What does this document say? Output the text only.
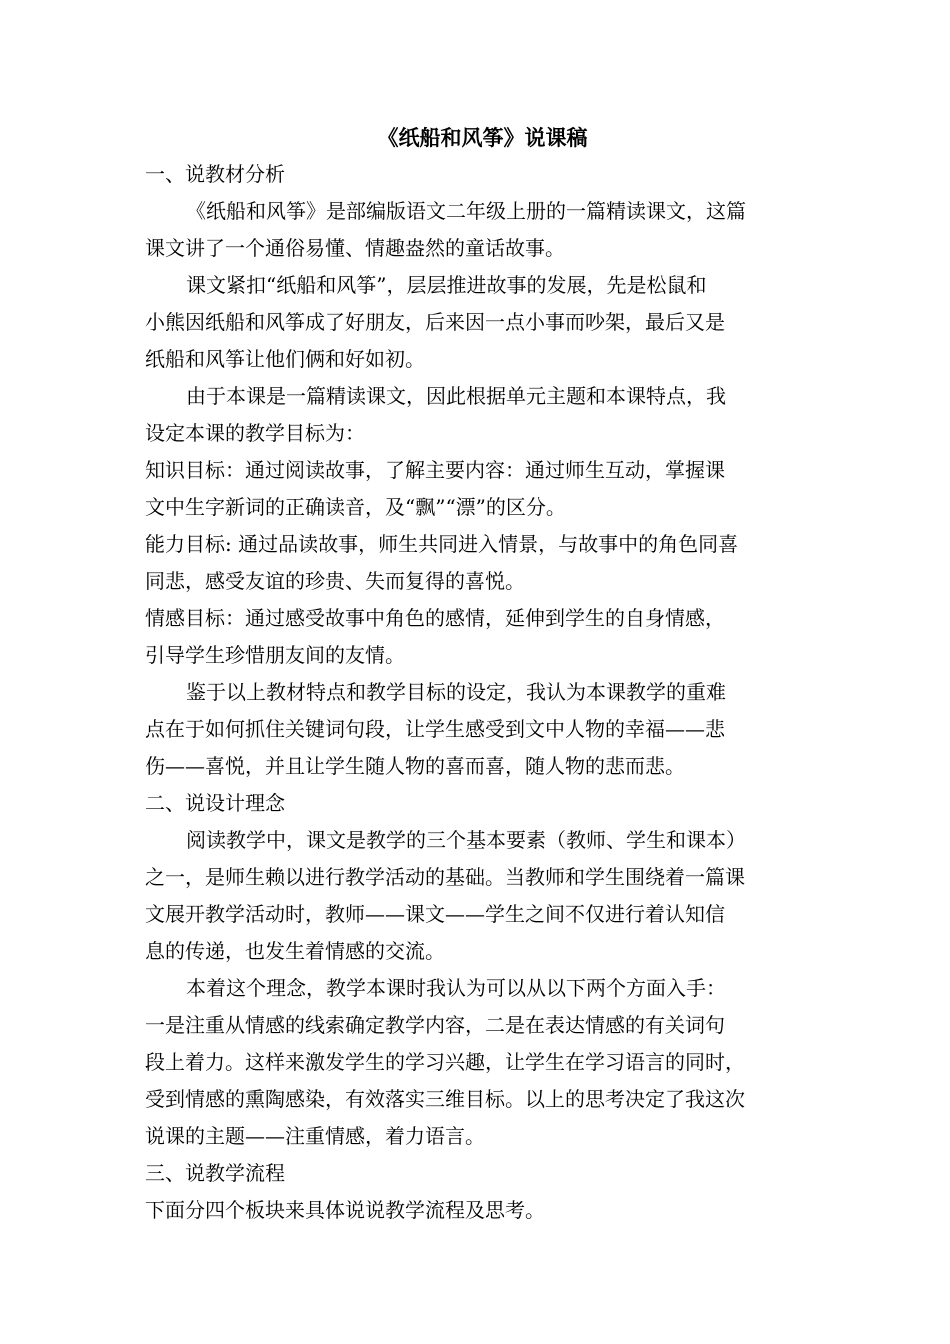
《纸船和风筝》说课稿
一、说教材分析
《纸船和风筝》是部编版语文二年级上册的一篇精读课文，这篇
课文讲了一个通俗易懂、情趣盎然的童话故事。
课文紧扣“纸船和风筝”，层层推进故事的发展，先是松鼠和
小熊因纸船和风筝成了好朋友，后来因一点小事而吵架，最后又是
纸船和风筝让他们俩和好如初。
由于本课是一篇精读课文，因此根据单元主题和本课特点，我
设定本课的教学目标为：
知识目标：通过阅读故事，了解主要内容：通过师生互动，掌握课
文中生字新词的正确读音，及“飘”“漂”的区分。
能力目标: 通过品读故事，师生共同进入情景，与故事中的角色同喜
同悲，感受友谊的珍贵、失而复得的喜悦。
情感目标：通过感受故事中角色的感情，延伸到学生的自身情感，
引导学生珍惜朋友间的友情。
鉴于以上教材特点和教学目标的设定，我认为本课教学的重难
点在于如何抓住关键词句段，让学生感受到文中人物的幸福——悲
伤——喜悦，并且让学生随人物的喜而喜，随人物的悲而悲。
二、说设计理念
阅读教学中，课文是教学的三个基本要素（教师、学生和课本）
之一，是师生赖以进行教学活动的基础。当教师和学生围绕着一篇课
文展开教学活动时，教师——课文——学生之间不仅进行着认知信
息的传递，也发生着情感的交流。
本着这个理念，教学本课时我认为可以从以下两个方面入手：
一是注重从情感的线索确定教学内容，二是在表达情感的有关词句
段上着力。这样来激发学生的学习兴趣，让学生在学习语言的同时，
受到情感的熏陶感染，有效落实三维目标。以上的思考决定了我这次
说课的主题——注重情感，着力语言。
三、说教学流程
下面分四个板块来具体说说教学流程及思考。
